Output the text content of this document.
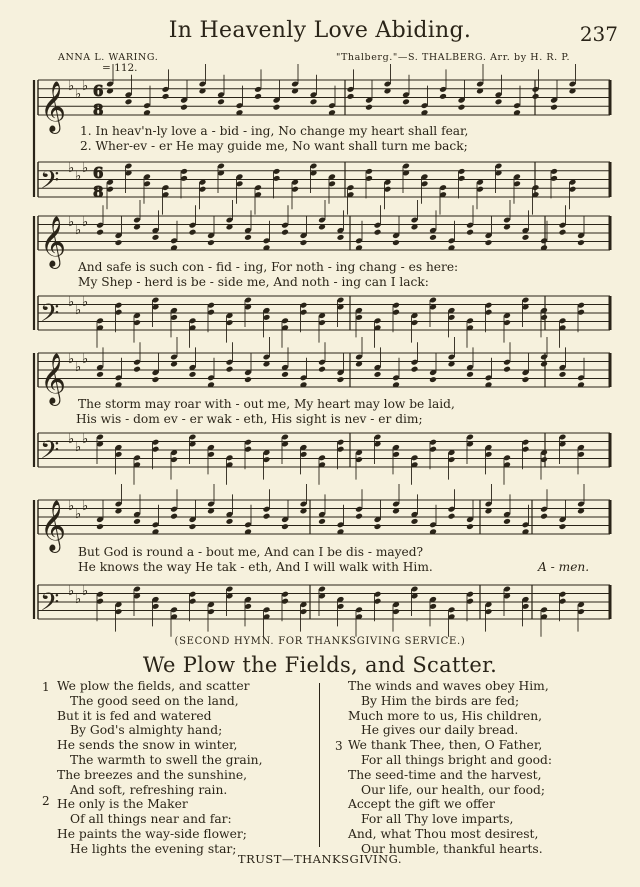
In Heavenly Love Abiding.	237
ANNA L. WARING.	"Thalberg."—S. THALBERG. Arr. by H. R. P.
= 112.
𝄞 ♭
♭
♭
𝄢 ♭
♭
♭
𝄞 ♭
♭
♭
𝄢 ♭
♭
♭
𝄞 ♭
♭
♭
𝄢 ♭
♭
♭
𝄞 ♭
♭
♭
𝄢 ♭
♭
♭
6
8
6
8
1. In heav'n-ly love a - bid - ing, No change my heart shall fear,
2. Wher-ev - er He may guide me, No want shall turn me back;
And safe is such con - fid - ing, For noth - ing chang - es here:
My Shep - herd is be - side me, And noth - ing can I lack:
The storm may roar with - out me, My heart may low be laid,
His wis - dom ev - er wak - eth, His sight is nev - er dim;
But God is round a - bout me, And can I be dis - mayed?
He knows the way He tak - eth, And I will walk with Him.	A - men.
(SECOND HYMN. FOR THANKSGIVING SERVICE.)
We Plow the Fields, and Scatter.
1
2
3
We plow the fields, and scatter
The good seed on the land,
But it is fed and watered
By God's almighty hand;
He sends the snow in winter,
The warmth to swell the grain,
The breezes and the sunshine,
And soft, refreshing rain.
He only is the Maker
Of all things near and far:
He paints the way-side flower;
He lights the evening star;
The winds and waves obey Him,
By Him the birds are fed;
Much more to us, His children,
He gives our daily bread.
We thank Thee, then, O Father,
For all things bright and good:
The seed-time and the harvest,
Our life, our health, our food;
Accept the gift we offer
For all Thy love imparts,
And, what Thou most desirest,
Our humble, thankful hearts.
TRUST—THANKSGIVING.
